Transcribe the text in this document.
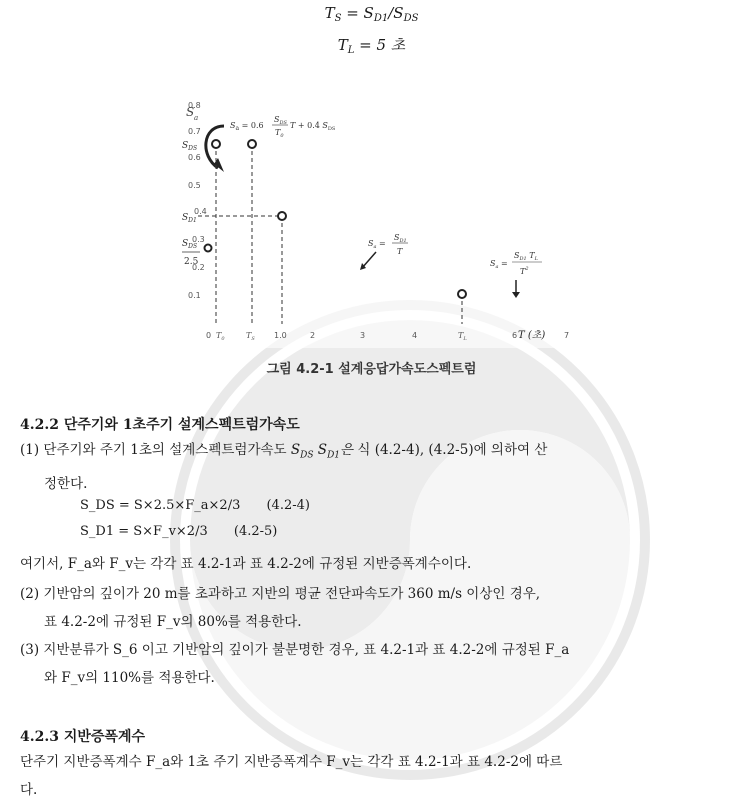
$T_S = S_{D1}/S_{DS}$
$T_L = 5$ 초
S a
0.8
0.7
0.6
0.5
0.4
0.3
0.2
0.1
$S_{DS}$
$S_{D1}$
$S_{DS}$
2.5
$S_a = 0.6$
$S_{DS}$
$T_0$
T + 0.4 $S_{DS}$
$S_a$ =
$S_{D1}$
T
$S_a$ =
$S_{D1}$ $T_L$
$T^2$
0 $T_0$	$T_S$ 1.0	2	3	4	$T_L$	6 T (초) 7
그림 4.2-1 설계응답가속도스펙트럼
4.2.2 단주기와 1초주기 설계스펙트럼가속도
(1) 단주기와 주기 1초의 설계스펙트럼가속도 $S_{DS}$ $S_{D1}$은 식 (4.2-4), (4.2-5)에 의하여 산
정한다.
S_DS = S×2.5×F_a×2/3 (4.2-4)
S_D1 = S×F_v×2/3 (4.2-5)
여기서, F_a와 F_v는 각각 표 4.2-1과 표 4.2-2에 규정된 지반증폭계수이다.
(2) 기반암의 깊이가 20 m를 초과하고 지반의 평균 전단파속도가 360 m/s 이상인 경우,
표 4.2-2에 규정된 F_v의 80%를 적용한다.
(3) 지반분류가 S_6 이고 기반암의 깊이가 불분명한 경우, 표 4.2-1과 표 4.2-2에 규정된 F_a
와 F_v의 110%를 적용한다.
4.2.3 지반증폭계수
단주기 지반증폭계수 F_a와 1초 주기 지반증폭계수 F_v는 각각 표 4.2-1과 표 4.2-2에 따르
다.
